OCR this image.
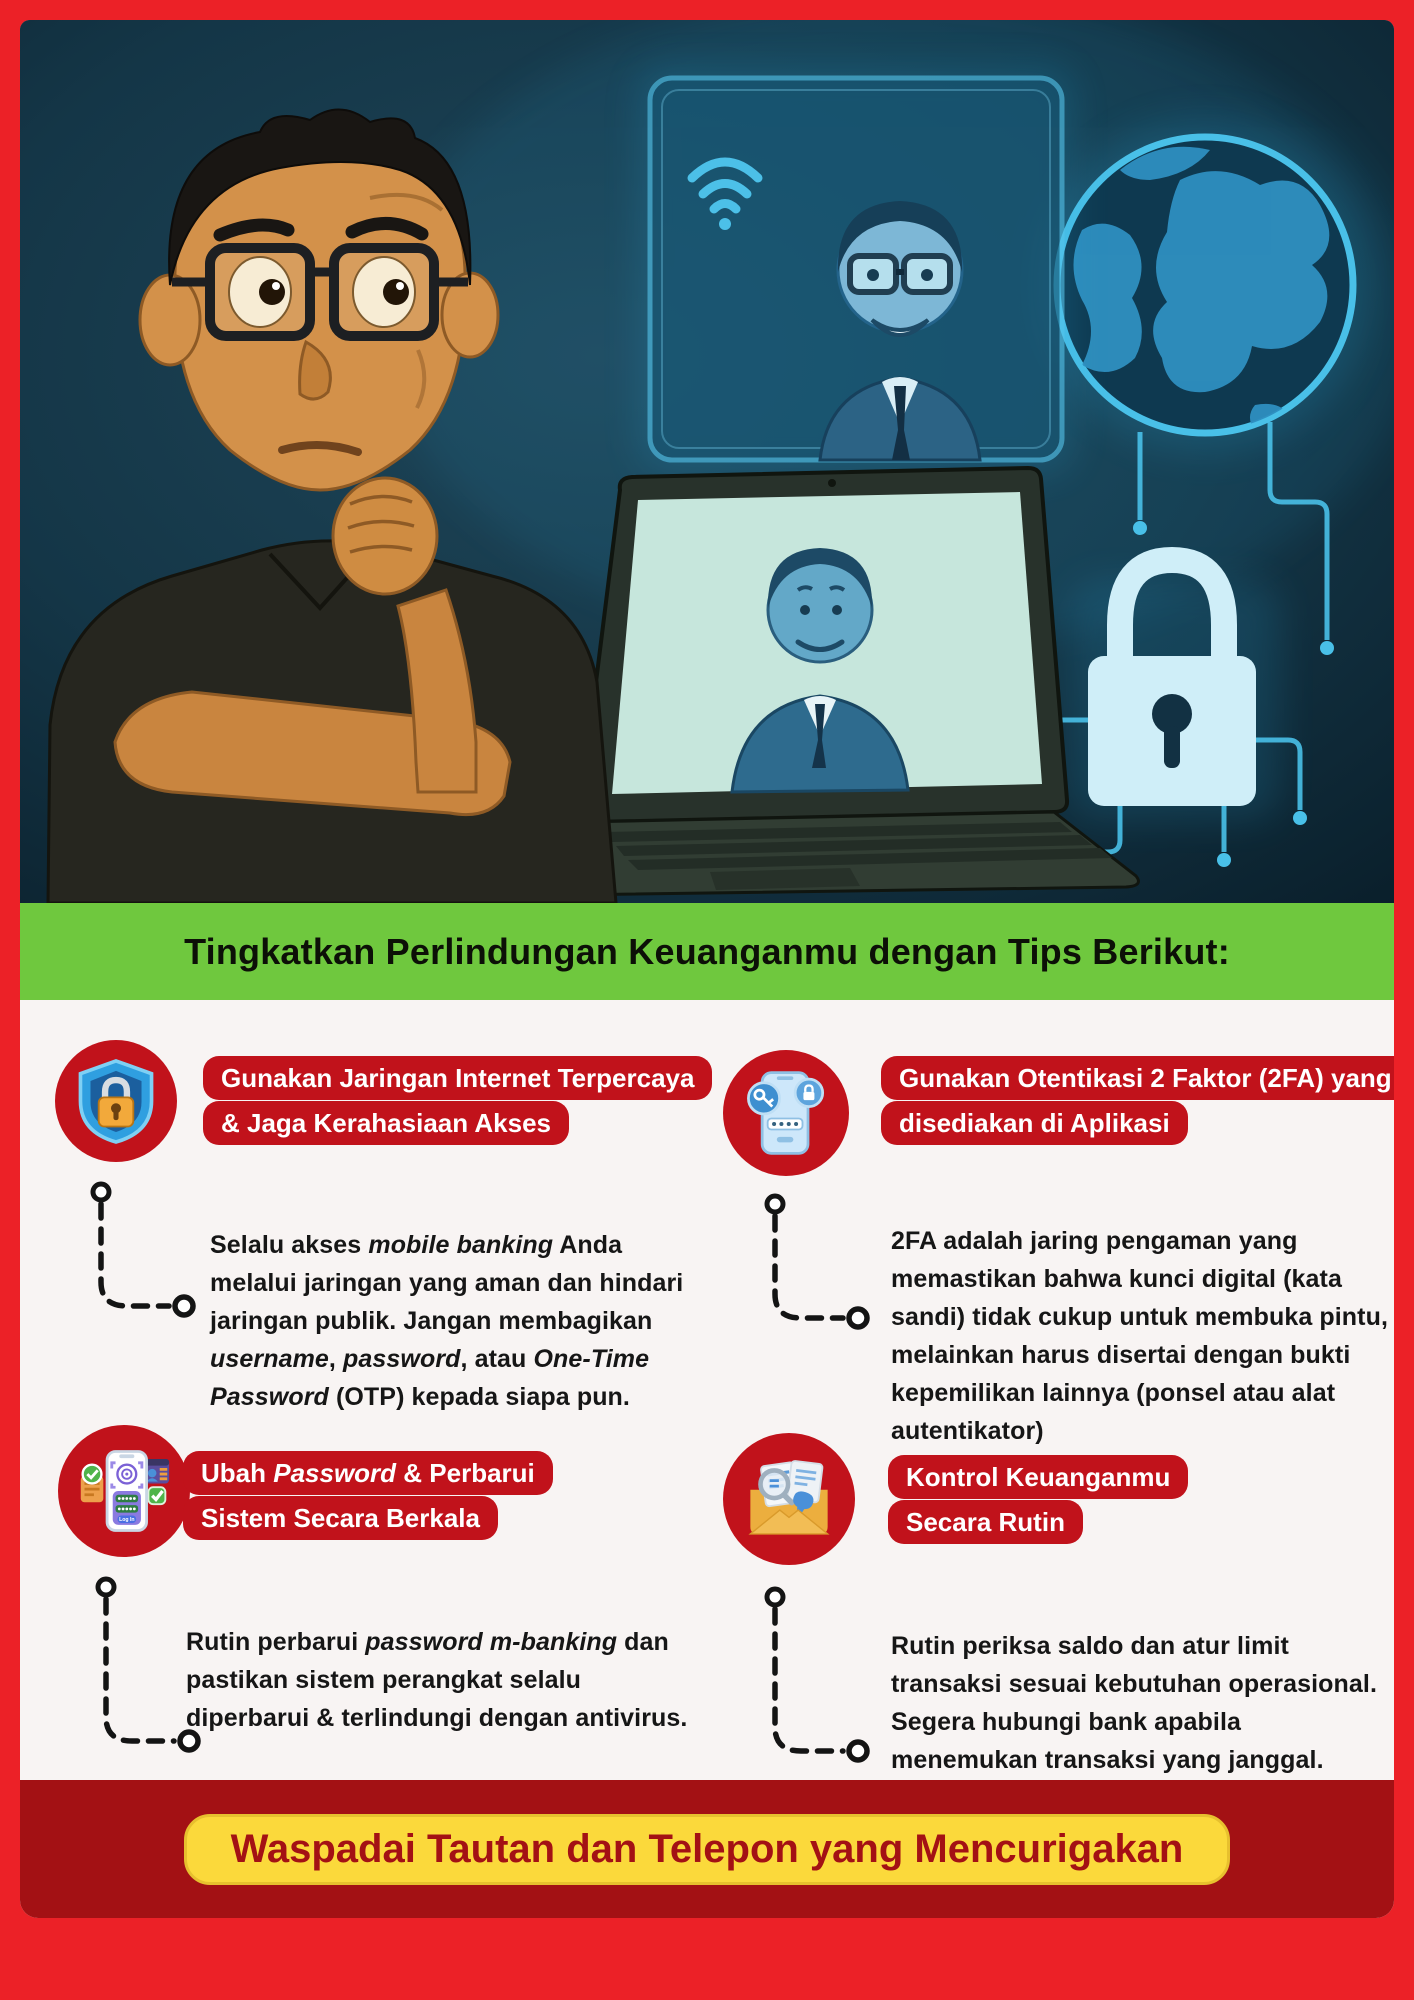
Tingkatkan Perlindungan Keuanganmu dengan Tips Berikut:
Gunakan Jaringan Internet Terpercaya & Jaga Kerahasiaan Akses
Selalu akses mobile banking Anda melalui jaringan yang aman dan hindari jaringan publik. Jangan membagikan username, password, atau One-Time Password (OTP) kepada siapa pun.
Gunakan Otentikasi 2 Faktor (2FA) yang disediakan di Aplikasi
2FA adalah jaring pengaman yang memastikan bahwa kunci digital (kata sandi) tidak cukup untuk membuka pintu, melainkan harus disertai dengan bukti kepemilikan lainnya (ponsel atau alat autentikator)
Log In
Ubah Password & Perbarui Sistem Secara Berkala
Rutin perbarui password m-banking dan pastikan sistem perangkat selalu diperbarui & terlindungi dengan antivirus.
Kontrol Keuanganmu Secara Rutin
Rutin periksa saldo dan atur limit transaksi sesuai kebutuhan operasional. Segera hubungi bank apabila menemukan transaksi yang janggal.
Waspadai Tautan dan Telepon yang Mencurigakan
